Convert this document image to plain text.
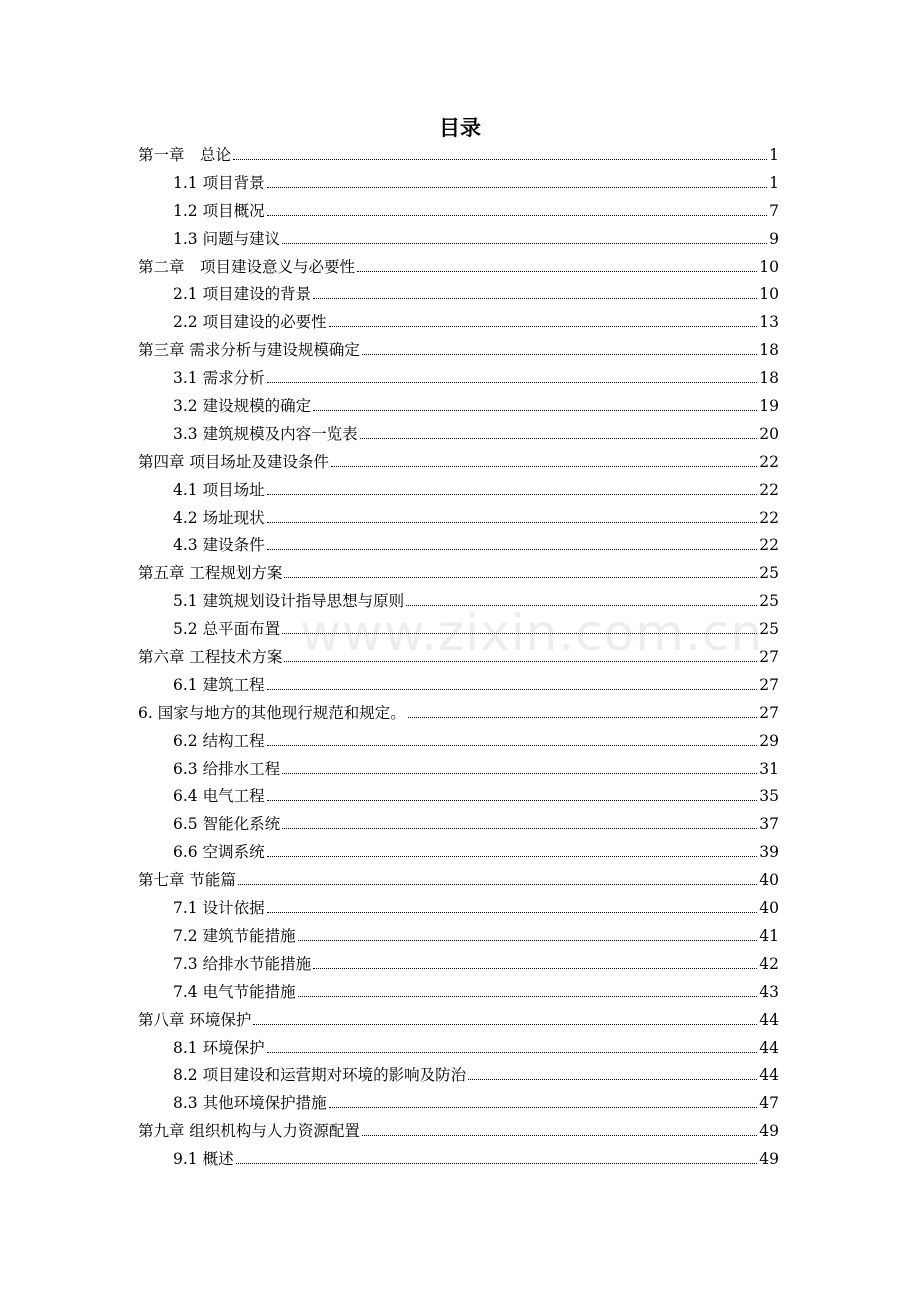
目录
www.zixin.com.cn
第一章　总论	1
1.1 项目背景	1
1.2 项目概况	7
1.3 问题与建议	9
第二章　项目建设意义与必要性	10
2.1 项目建设的背景	10
2.2 项目建设的必要性	13
第三章 需求分析与建设规模确定	18
3.1 需求分析	18
3.2 建设规模的确定	19
3.3 建筑规模及内容一览表	20
第四章 项目场址及建设条件	22
4.1 项目场址	22
4.2 场址现状	22
4.3 建设条件	22
第五章 工程规划方案	25
5.1 建筑规划设计指导思想与原则	25
5.2 总平面布置	25
第六章 工程技术方案	27
6.1 建筑工程	27
6. 国家与地方的其他现行规范和规定。	27
6.2 结构工程	29
6.3 给排水工程	31
6.4 电气工程	35
6.5 智能化系统	37
6.6 空调系统	39
第七章 节能篇	40
7.1 设计依据	40
7.2 建筑节能措施	41
7.3 给排水节能措施	42
7.4 电气节能措施	43
第八章 环境保护	44
8.1 环境保护	44
8.2 项目建设和运营期对环境的影响及防治	44
8.3 其他环境保护措施	47
第九章 组织机构与人力资源配置	49
9.1 概述	49
